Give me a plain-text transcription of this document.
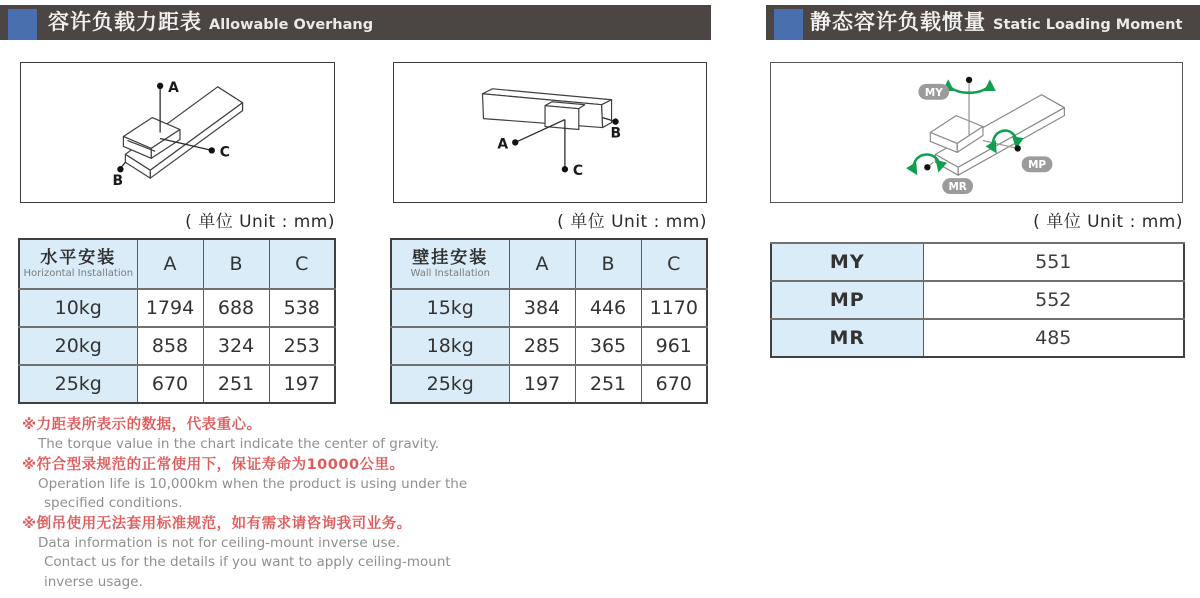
容许负载力距表 Allowable Overhang	静态容许负载惯量 Static Loading Moment
A
C
B
A
C
B
MY
MP
MR
( 单位 Unit : mm)	( 单位 Unit : mm)	( 单位 Unit : mm)
水平安装
Horizontal Installation	A	B	C
10kg	1794	688	538
20kg	858	324	253
25kg	670	251	197
壁挂安装
Wall Installation	A	B	C
15kg	384	446	1170
18kg	285	365	961
25kg	197	251	670
MY	551
MP	552
MR	485
※力距表所表示的数据，代表重心。
The torque value in the chart indicate the center of gravity.
※符合型录规范的正常使用下，保证寿命为10000公里。
Operation life is 10,000km when the product is using under the
specified conditions.
※倒吊使用无法套用标准规范，如有需求请咨询我司业务。
Data information is not for ceiling-mount inverse use.
Contact us for the details if you want to apply ceiling-mount
inverse usage.
